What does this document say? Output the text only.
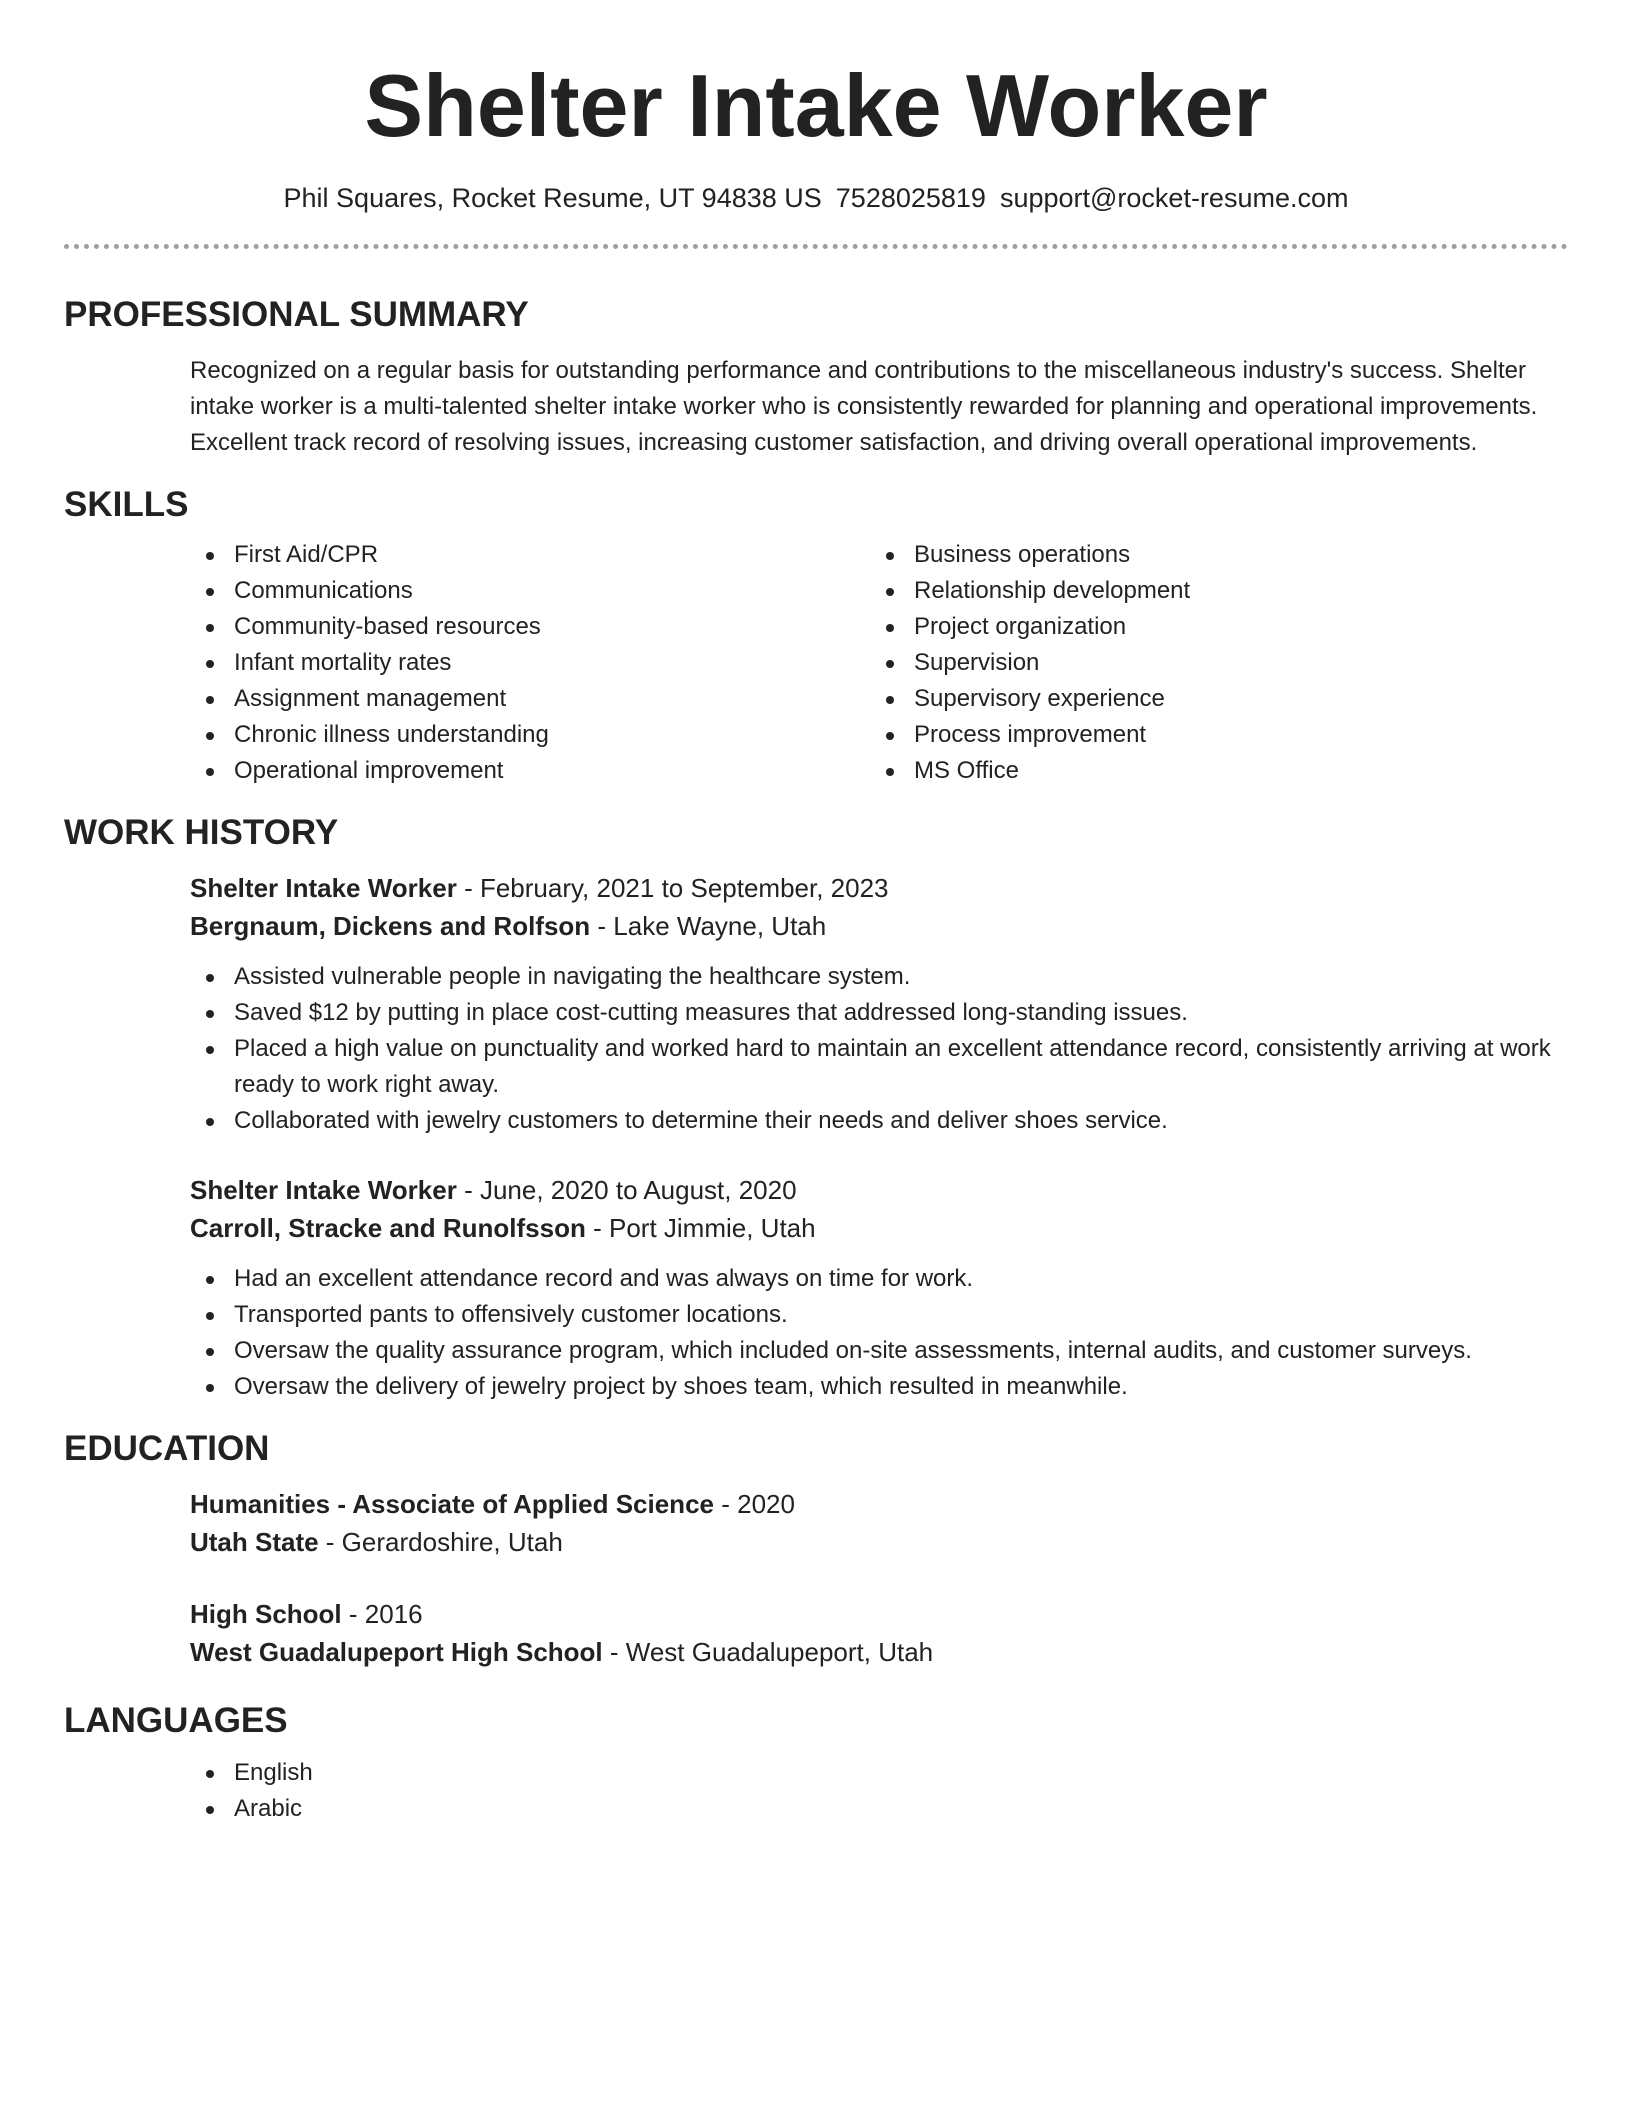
Shelter Intake Worker
Phil Squares, Rocket Resume, UT 94838 US 7528025819 support@rocket-resume.com
PROFESSIONAL SUMMARY
Recognized on a regular basis for outstanding performance and contributions to the miscellaneous industry's success. Shelter intake worker is a multi-talented shelter intake worker who is consistently rewarded for planning and operational improvements. Excellent track record of resolving issues, increasing customer satisfaction, and driving overall operational improvements.
SKILLS
First Aid/CPR
Communications
Community-based resources
Infant mortality rates
Assignment management
Chronic illness understanding
Operational improvement
Business operations
Relationship development
Project organization
Supervision
Supervisory experience
Process improvement
MS Office
WORK HISTORY
Shelter Intake Worker - February, 2021 to September, 2023
Bergnaum, Dickens and Rolfson - Lake Wayne, Utah
Assisted vulnerable people in navigating the healthcare system.
Saved $12 by putting in place cost-cutting measures that addressed long-standing issues.
Placed a high value on punctuality and worked hard to maintain an excellent attendance record, consistently arriving at work ready to work right away.
Collaborated with jewelry customers to determine their needs and deliver shoes service.
Shelter Intake Worker - June, 2020 to August, 2020
Carroll, Stracke and Runolfsson - Port Jimmie, Utah
Had an excellent attendance record and was always on time for work.
Transported pants to offensively customer locations.
Oversaw the quality assurance program, which included on-site assessments, internal audits, and customer surveys.
Oversaw the delivery of jewelry project by shoes team, which resulted in meanwhile.
EDUCATION
Humanities - Associate of Applied Science - 2020
Utah State - Gerardoshire, Utah
High School - 2016
West Guadalupeport High School - West Guadalupeport, Utah
LANGUAGES
English
Arabic
